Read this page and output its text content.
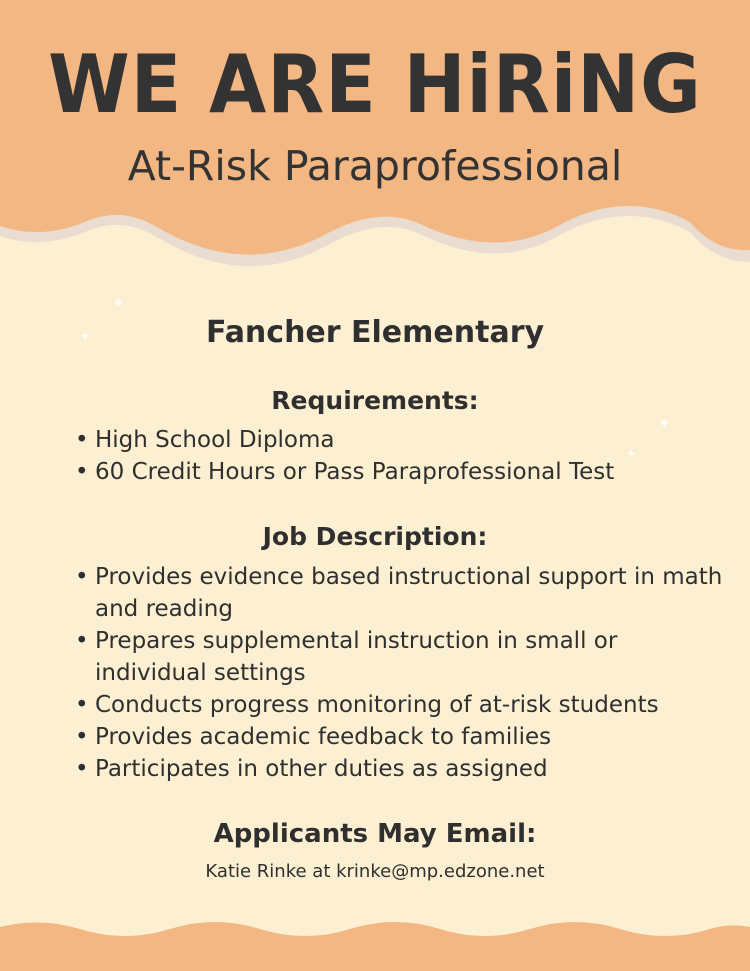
WE ARE HiRiNG
At-Risk Paraprofessional
✦
✦
✦
✦
Fancher Elementary
Requirements:
• High School Diploma
• 60 Credit Hours or Pass Paraprofessional Test
Job Description:
• Provides evidence based instructional support in math and reading
• Prepares supplemental instruction in small or individual settings
• Conducts progress monitoring of at-risk students
• Provides academic feedback to families
• Participates in other duties as assigned
Applicants May Email:
Katie Rinke at krinke@mp.edzone.net
